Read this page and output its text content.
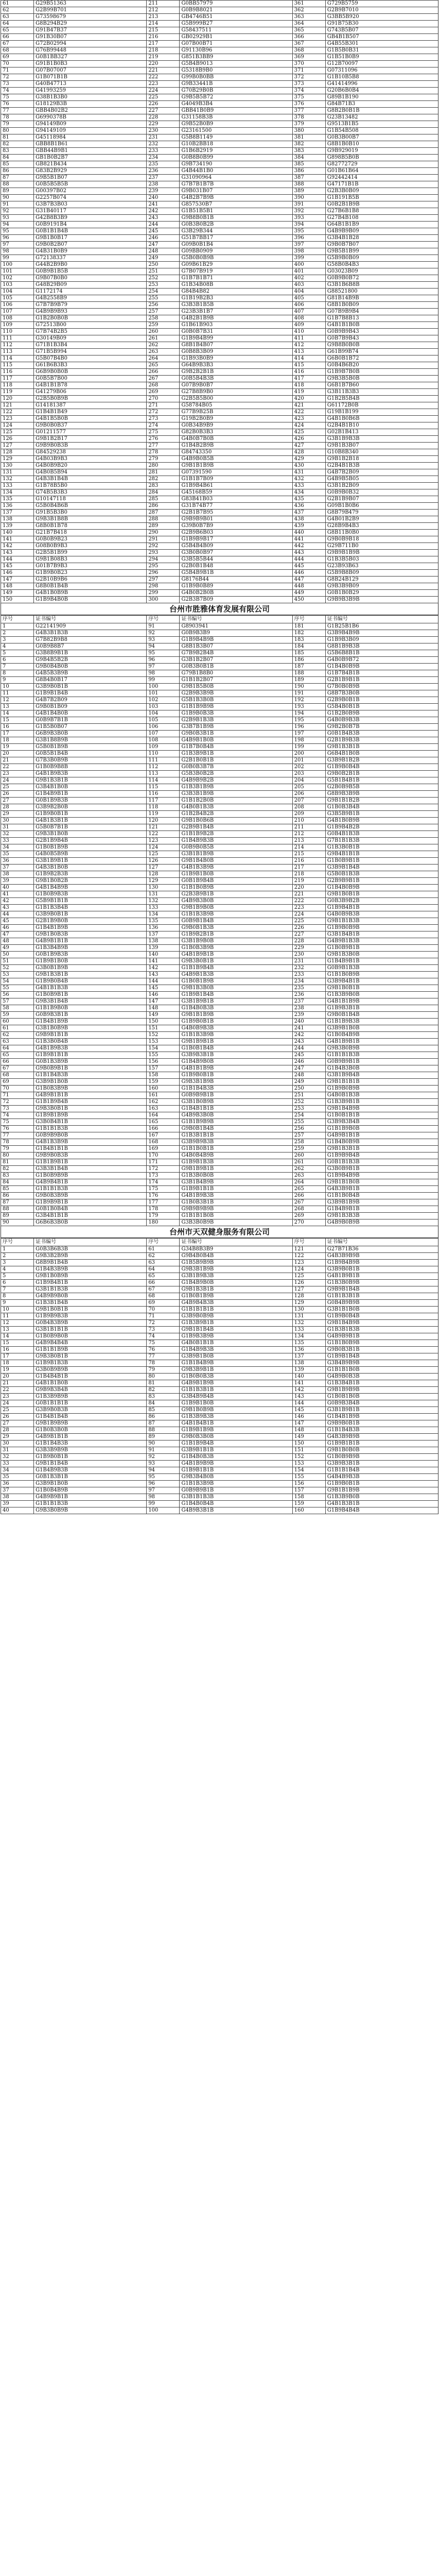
61	G29B51363	211	G0BB57979	361	G729B5759
62	G2B99B701	212	G0B9B8021	362	G2B9B7010
63	G73598679	213	GB4746B51	363	G3BB5B920
64	G8B294B29	214	G5B999B27	364	G91B75B30
65	G91B47B37	215	G58437511	365	G743B5B07
66	G91B30B07	216	GB02929B1	366	GB4B1B507
67	G72B02994	217	G07B00B71	367	G4B55B301
68	G76B99448	218	G91130B96	368	G1B5B0B31
69	G0B1BB327	219	G851B3BB9	369	G1B51B0B9
70	G91B1B0B3	220	G5B4B9013	370	G12B70097
71	G07B07007	221	G5318B9B0	371	G07311096
72	G1B071B1B	222	G99B0B0BB	372	G1B10B5B8
73	G40B47713	223	G9B33441B	373	G41414996
74	G41993259	224	G70B29B0B	374	G20B6B0B4
75	G38B1B3B0	225	G9B5B5B72	375	G89B1B190
76	G18129B3B	226	G4049B3B4	376	G84B71B3
77	GBB4B02B2	227	GBB41B0B9	377	G8B2B0B1B
78	G6990378B	228	G31158B3B	378	G23B13482
79	G94149B09	229	G9B52B0B9	379	G9513B1B5
80	G94149109	230	G23161500	380	G1B54B508
81	G45118984	231	G5B8B1149	381	G0B3B00B7
82	GBB8B1B61	232	G10B2BB18	382	G8B1B0B10
83	GBB44B9B1	233	G1B6B2919	383	G9B929019
84	GB1B0B2B7	234	G0B8B0B99	384	G898B5B0B
85	GB821B434	235	G9B734190	385	G82772729
86	G83B2B929	236	G4B44B1B0	386	G01B61B64
87	G9B5B1B07	237	G31090964	387	G92442414
88	G0B5B5B5B	238	G7B7B1B7B	388	G47171B1B
89	G00397B02	239	G9B031B07	389	G2B3B0B09
90	G2257B074	240	G4B2B7B9B	390	G1B191B5B
91	G3B7B3B03	241	G857530B7	391	G0B2B1B9B
92	G31B40117	242	G1B51B5B1	392	G27B6B1B8
93	G42B8B3B9	243	G9B8B0B1B	393	G27B4B108
94	G0B9191B4	244	G0B3B0B2B	394	G64B1B1B9
95	G0B1B1B4B	245	G3B29B344	395	G4B9B9B09
96	G9B1B0B17	246	G51B7BB17	396	G3B4B1B28
97	G9B0B2B07	247	G09B0B1B4	397	G9B0B7B07
98	G4B31B0B9	248	G09BB0909	398	G9B5B1B99
99	G72138337	249	G5B0B0B9B	399	G5B9B0B09
100	G44B2B9B0	250	G09B61B29	400	G58B0B4B3
101	G0B9B1B5B	251	G7B07B919	401	G03023B09
102	G9B07B0B0	252	G1B7B1B71	402	G0B9B0B72
103	G48B29B09	253	G1B34B08B	403	G3B1B6B8B
104	G1172174	254	G84B4B82	404	G88521800
105	G4B2558B9	255	G1B19B2B3	405	G81B14B9B
106	G7B7B9B79	256	G3B3B1B5B	406	G8B1B0B09
107	G4B9B9B93	257	G23B3B1B7	407	G07B9B9B4
108	G1B2B0B0B	258	G4B2B1B9B	408	G1B7B8B13
109	G72513B00	259	G1B61B903	409	G4B1B1B0B
110	G7B74B2B5	260	G0B0B7B31	410	G0B9B9B43
111	G30149B09	261	G1B9B4B99	411	G0B7B9B43
112	G71B1B3B4	262	G8B1B4B07	412	G9B8B0B0B
113	G71B5B994	263	G0B8B3B09	413	G61B99B74
114	G5B07B4B0	264	G1B93B0B9	414	G6B0B1B72
115	G61B6B3B3	265	G64B9B3B3	415	G0B4B6B20
116	G6B9B0B0B	266	G9B2B2B1B	416	G1B9B7B0B
117	G0B5B7B00	267	G0B5B4B3B	417	G9B3B5B0B
118	G4B1B1B78	268	G07B9B0B7	418	G6B1B7B60
119	G41279B06	269	G27B8B9B0	419	G3B11B3B3
120	G2B5B0B9B	270	G2B5B5B00	420	G1B2B5B4B
121	G14181387	271	G58784B05	421	G61172B0B
122	G1B4B1B49	272	G77B9B25B	422	G19B1B199
123	G4B1B5B0B	273	G19B2B0B9	423	G4B1B0B6B
124	G9B0B0B37	274	G0B34B9B9	424	G2B4B1B10
125	G01211577	275	G82B0B3B3	425	G02B1B413
126	G9B1B2B17	276	G4B0B7B0B	426	G3B1B9B3B
127	G9B9B0B3B	277	G1B4B2B9B	427	G9B1B3B07
128	G84529238	278	G84743350	428	G10B8B340
129	G4B03B9B3	279	G4B9B0B5B	429	G9B1B2B18
130	G4B0B9B20	280	G9B1B1B9B	430	G2B4B1B3B
131	G4B0B5B94	281	G07391590	431	G4B7B2B09
132	G4B3B1B4B	282	G1B1B7B09	432	G4B9B5B05
133	G1B78B5B0	283	G1B9B4B61	433	G3B1B2B09
134	G74B5B3B3	284	G45168B59	434	G0B9B0B32
135	G10147118	285	G83B41B03	435	G2B1B9B07
136	G5B0B4B6B	286	G31B74B77	436	G09B1B0B6
137	G91B5B3B0	287	G2B1B7B95	437	G8B79B479
138	G9B3B1B8B	288	G9B9B9B01	438	G4B01B2B9
139	G8B0B1B78	289	G39B0B7B9	439	G28B9B4B3
140	G21B7B418	290	G2B9B6B03	440	G8B11B0B0
141	G0B0B9B23	291	G1B9B9B17	441	G9B0B9B18
142	G08B0B9B3	292	G5B4B4B09	442	G29B711B0
143	G2B5B1B99	293	G3B0B0B97	443	G9B9B1B9B
144	G9B1B08B3	294	G3B5B5B44	444	G1B3B5B03
145	G01B7B9B3	295	G2B0B1B48	445	G23B93B63
146	G1B9B0B23	296	G5B4B9B1B	446	G5B9B8B09
147	G2B10B9B6	297	G8176B44	447	G8B24B129
148	G8B0B1B4B	298	G1B9B0B89	448	G9B3B9B09
149	G4B1B0B9B	299	G4B0B2B0B	449	G0B1B0B29
150	G1B9B4B0B	300	G2B3B7B09	450	G9B9B3B9B
台州市胜雅体育发展有限公司
序号	证书编号	序号	证书编号	序号	证书编号
1	G22141909	91	G8903941	181	G1B25B1B6
2	G4B3B1B3B	92	G0B9B3B9	182	G3B9B4B9B
3	G7B82B9B8	93	G1B9B4B9B	183	G1B9B3B09
4	G0B9B8B7	94	G8B1B3B07	184	G8B1B9B3B
5	G3B8B9B1B	95	G7B9B2B4B	185	G5B6B8B1B
6	G9B4B5B2B	96	G3B1B2B07	186	G4B0B9B72
7	G9B0B4B0B	97	G0B3B0B1B	187	G1B4B0B9B
8	G4B5B3B9B	98	G79B1B8B0	188	G1B7B4B1B
9	G8B4B0B17	99	G1B1B2B07	189	G2B1B9B1B
10	G3B9B0B1B	100	G9B1B5B0B	190	G7B0B0B9B
11	G1B9B1B4B	101	G2B9B3B9B	191	G8B7B3B0B
12	G4B7B2B09	102	G5B1B3B0B	192	G2B9B0B1B
13	G9B0B1B09	103	G1B1B9B9B	193	G5B4B0B1B
14	G4B1B4B0B	104	G1B9B0B3B	194	G1B2B0B9B
15	G0B9B7B1B	105	G2B9B1B3B	195	G4B0B9B3B
16	G1B5B0B07	106	G3B7B1B9B	196	G9B2B0B7B
17	G6B9B3B0B	107	G9B0B3B1B	197	G0B1B4B3B
18	G3B1B8B9B	108	G4B9B1B0B	198	G2B1B9B3B
19	G5B0B1B9B	109	G1B7B0B4B	199	G9B1B3B1B
20	G0B5B1B4B	110	G1B3B9B1B	200	G6B4B1B0B
21	G7B3B0B9B	111	G2B1B0B1B	201	G3B9B1B2B
22	G1B0B9B8B	112	G0B0B3B7B	202	G1B9B0B4B
23	G4B1B9B3B	113	G5B3B0B2B	203	G9B0B2B1B
24	G9B1B3B1B	114	G4B9B9B2B	204	G5B1B4B1B
25	G3B4B1B0B	115	G1B3B1B9B	205	G2B0B9B5B
26	G1B4B9B1B	116	G3B3B1B9B	206	G8B9B3B9B
27	G0B1B9B3B	117	G1B1B2B0B	207	G9B1B1B2B
28	G3B9B2B0B	118	G4B0B1B3B	208	G1B0B3B4B
29	G1B9B0B1B	119	G1B2B4B2B	209	G3B5B9B1B
30	G4B1B3B1B	120	G9B1B0B6B	210	G4B1B0B9B
31	G5B0B7B1B	121	G2B9B1B4B	211	G1B9B4B2B
32	G9B3B1B0B	122	G1B1B9B2B	212	G0B4B1B3B
33	G2B1B9B4B	123	G1B4B9B3B	213	G7B1B1B3B
34	G1B0B1B9B	124	G0B9B0B5B	214	G1B3B0B1B
35	G4B0B5B9B	125	G3B1B1B9B	215	G9B4B1B1B
36	G3B1B9B1B	126	G9B1B4B0B	216	G1B0B9B1B
37	G4B3B1B0B	127	G4B1B3B9B	217	G3B9B1B4B
38	G1B9B2B3B	128	G1B9B1B0B	218	G5B0B1B3B
39	G9B1B0B2B	129	G0B1B9B4B	219	G2B9B9B1B
40	G4B1B4B9B	130	G1B1B0B9B	220	G1B4B0B9B
41	G1B0B9B3B	131	G2B3B9B1B	221	G9B1B0B1B
42	G5B9B1B1B	132	G4B9B3B0B	222	G0B3B9B2B
43	G1B1B3B4B	133	G9B1B9B0B	223	G1B9B4B1B
44	G3B9B0B1B	134	G1B1B3B9B	224	G4B0B9B3B
45	G2B1B9B0B	135	G0B9B1B4B	225	G9B1B1B3B
46	G1B4B1B9B	136	G9B0B1B3B	226	G1B9B0B9B
47	G9B1B0B3B	137	G1B9B2B1B	227	G3B1B4B1B
48	G4B9B1B1B	138	G3B1B9B0B	228	G4B9B1B3B
49	G1B3B4B9B	139	G1B0B3B9B	229	G1B0B9B1B
50	G0B1B9B3B	140	G4B1B9B1B	230	G9B1B3B0B
51	G1B9B1B0B	141	G9B3B0B1B	231	G1B4B9B1B
52	G3B0B1B9B	142	G1B1B9B4B	232	G0B9B1B3B
53	G9B1B3B1B	143	G4B9B1B3B	233	G1B1B0B9B
54	G1B9B0B4B	144	G1B0B1B9B	234	G3B9B4B1B
55	G4B1B1B3B	145	G9B1B3B0B	235	G9B1B0B1B
56	G1B0B9B1B	146	G1B9B1B4B	236	G1B3B9B0B
57	G9B3B1B4B	147	G3B1B9B1B	237	G4B1B1B9B
58	G1B1B9B0B	148	G1B4B0B3B	238	G1B9B3B1B
59	G0B9B3B1B	149	G9B1B1B9B	239	G9B0B1B4B
60	G1B4B1B9B	150	G1B9B0B1B	240	G1B1B9B3B
61	G3B1B0B9B	151	G4B0B9B3B	241	G3B9B1B0B
62	G9B9B1B1B	152	G1B1B3B9B	242	G1B0B4B9B
63	G1B3B0B4B	153	G9B1B9B1B	243	G4B1B9B1B
64	G4B1B9B3B	154	G1B0B1B4B	244	G9B3B0B9B
65	G1B9B1B1B	155	G3B9B3B1B	245	G1B1B1B3B
66	G0B1B3B9B	156	G1B4B9B0B	246	G0B9B9B1B
67	G9B0B9B1B	157	G4B1B1B9B	247	G1B4B3B0B
68	G1B1B4B3B	158	G1B9B0B1B	248	G3B1B9B4B
69	G3B9B1B0B	159	G9B3B1B9B	249	G9B1B1B1B
70	G1B0B3B9B	160	G1B1B4B3B	250	G1B9B0B9B
71	G4B9B1B1B	161	G0B9B9B1B	251	G4B0B1B3B
72	G1B1B9B4B	162	G3B1B0B9B	252	G1B3B9B1B
73	G9B3B0B1B	163	G1B4B1B1B	253	G9B1B4B9B
74	G1B9B1B9B	164	G4B9B3B0B	254	G1B0B1B1B
75	G3B0B4B1B	165	G1B1B9B9B	255	G3B9B3B4B
76	G1B1B1B3B	166	G9B0B1B4B	256	G1B1B9B0B
77	G0B9B9B0B	167	G1B3B1B1B	257	G4B9B1B1B
78	G4B1B3B9B	168	G3B9B9B3B	258	G1B4B0B9B
79	G1B4B1B1B	169	G1B1B0B1B	259	G9B1B3B1B
80	G9B9B0B3B	170	G4B0B4B9B	260	G1B9B9B4B
81	G1B1B9B1B	171	G1B9B1B3B	261	G0B1B1B3B
82	G3B3B1B4B	172	G9B1B9B1B	262	G3B0B9B1B
83	G1B0B9B9B	173	G1B3B0B0B	263	G1B9B4B9B
84	G4B9B4B1B	174	G3B1B4B9B	264	G9B1B1B0B
85	G1B1B1B3B	175	G1B9B1B1B	265	G4B3B9B1B
86	G9B0B3B9B	176	G4B1B9B3B	266	G1B1B0B4B
87	G1B9B9B1B	177	G1B0B3B1B	267	G3B9B1B9B
88	G0B1B0B4B	178	G9B9B9B9B	268	G1B4B9B1B
89	G3B4B1B1B	179	G1B1B1B0B	269	G9B1B3B3B
90	G6B6B3B0B	180	G3B3B0B9B	270	G4B9B0B9B
台州市天双健身服务有限公司
序号	证书编号	序号	证书编号	序号	证书编号
1	G0B3B6B3B	61	G34B8B3B9	121	G27B71B36
2	G9B3B2B9B	62	G9B4B0B4B	122	G4B3B9B9B
3	G8B9B1B4B	63	G1B5B9B9B	123	G1B9B4B9B
4	G1B4B3B9B	64	G9B3B1B9B	124	G3B9B0B1B
5	G9B1B0B9B	65	G3B1B9B3B	125	G4B1B9B1B
6	G1B9B4B1B	66	G1B4B9B0B	126	G1B3B0B9B
7	G3B1B1B3B	67	G9B1B3B1B	127	G9B9B1B4B
8	G4B9B9B0B	68	G1B0B1B9B	128	G1B1B3B1B
9	G1B3B1B4B	69	G4B9B4B3B	129	G0B4B9B9B
10	G9B1B0B1B	70	G1B1B1B1B	130	G3B1B1B0B
11	G1B9B9B3B	71	G3B9B0B9B	131	G1B9B0B4B
12	G0B4B3B9B	72	G1B3B9B1B	132	G9B1B4B9B
13	G3B1B1B1B	73	G9B1B1B4B	133	G1B3B1B3B
14	G1B0B9B0B	74	G1B9B3B9B	134	G4B9B9B1B
15	G4B9B4B4B	75	G4B0B1B1B	135	G1B1B0B9B
16	G1B1B1B9B	76	G1B4B9B3B	136	G9B0B3B1B
17	G9B3B0B1B	77	G3B9B1B0B	137	G1B9B1B4B
18	G1B9B1B3B	78	G1B1B4B9B	138	G3B4B9B9B
19	G3B0B9B9B	79	G9B3B9B1B	139	G1B1B1B0B
20	G1B4B4B1B	80	G1B0B0B3B	140	G4B9B0B3B
21	G4B1B1B0B	81	G4B9B1B9B	141	G1B3B4B1B
22	G9B9B3B4B	82	G1B1B3B1B	142	G9B1B9B9B
23	G1B3B9B9B	83	G3B4B9B4B	143	G1B0B1B0B
24	G0B1B1B1B	84	G1B9B1B0B	144	G0B9B3B4B
25	G3B9B0B3B	85	G9B1B0B9B	145	G3B1B9B1B
26	G1B4B1B4B	86	G1B3B9B3B	146	G1B4B1B9B
27	G9B1B9B9B	87	G4B1B4B1B	147	G9B9B0B1B
28	G1B0B3B0B	88	G1B9B1B9B	148	G1B1B4B3B
29	G4B9B1B1B	89	G9B0B3B0B	149	G4B3B9B9B
30	G1B1B4B3B	90	G1B1B9B4B	150	G1B9B1B1B
31	G3B3B9B9B	91	G3B9B1B1B	151	G9B1B0B0B
32	G1B9B0B1B	92	G1B4B0B3B	152	G1B0B9B9B
33	G9B1B1B4B	93	G4B1B9B9B	153	G3B9B3B1B
34	G1B4B9B3B	94	G1B9B1B1B	154	G1B1B1B4B
35	G0B1B3B1B	95	G9B3B4B0B	155	G4B4B9B3B
36	G3B9B1B0B	96	G1B1B3B9B	156	G1B9B0B1B
37	G1B0B4B9B	97	G0B9B9B1B	157	G9B1B1B9B
38	G4B9B9B1B	98	G3B1B1B3B	158	G1B3B9B0B
39	G1B1B1B3B	99	G1B4B0B4B	159	G4B1B3B1B
40	G9B3B0B9B	100	G4B9B3B1B	160	G1B9B4B4B
